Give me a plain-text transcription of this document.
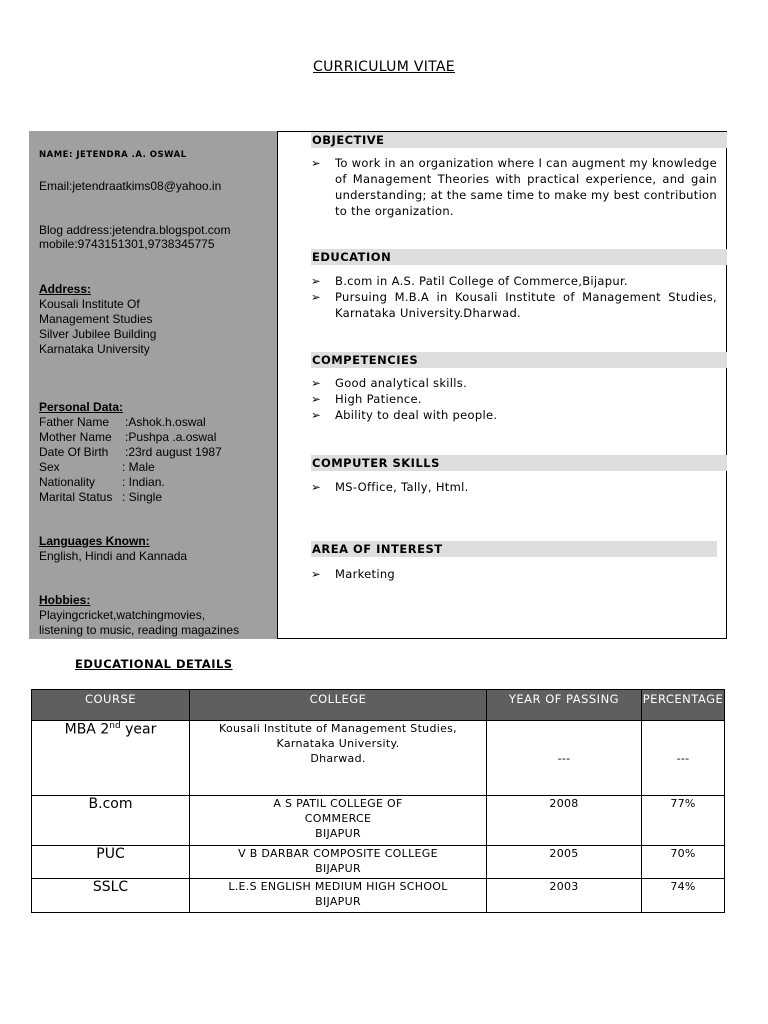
CURRICULUM VITAE
NAME: JETENDRA .A. OSWAL
Email:jetendraatkims08@yahoo.in
Blog address:jetendra.blogspot.com
mobile:9743151301,9738345775
Address:
Kousali Institute Of
Management Studies
Silver Jubilee Building
Karnataka University
Personal Data:
Father Name :Ashok.h.oswal
Mother Name :Pushpa .a.oswal
Date Of Birth :23rd august 1987
Sex	: Male
Nationality : Indian.
Marital Status : Single
Languages Known:
English, Hindi and Kannada
Hobbies:
Playingcricket,watchingmovies,
listening to music, reading magazines
OBJECTIVE
➢	To work in an organization where I can augment my knowledge of Management Theories with practical experience, and gain understanding; at the same time to make my best contribution to the organization.
EDUCATION
➢	B.com in A.S. Patil College of Commerce,Bijapur.
➢	Pursuing M.B.A in Kousali Institute of Management Studies, Karnataka University.Dharwad.
COMPETENCIES
➢	Good analytical skills.
➢	High Patience.
➢	Ability to deal with people.
COMPUTER SKILLS
➢	MS-Office, Tally, Html.
AREA OF INTEREST
➢	Marketing
EDUCATIONAL DETAILS
COURSE	COLLEGE	YEAR OF PASSING	PERCENTAGE
MBA 2nd year	Kousali Institute of Management Studies,
Karnataka University.
Dharwad.	---	---
B.com	A S PATIL COLLEGE OF
COMMERCE
BIJAPUR	2008	77%
PUC	V B DARBAR COMPOSITE COLLEGE
BIJAPUR	2005	70%
SSLC	L.E.S ENGLISH MEDIUM HIGH SCHOOL
BIJAPUR	2003	74%
